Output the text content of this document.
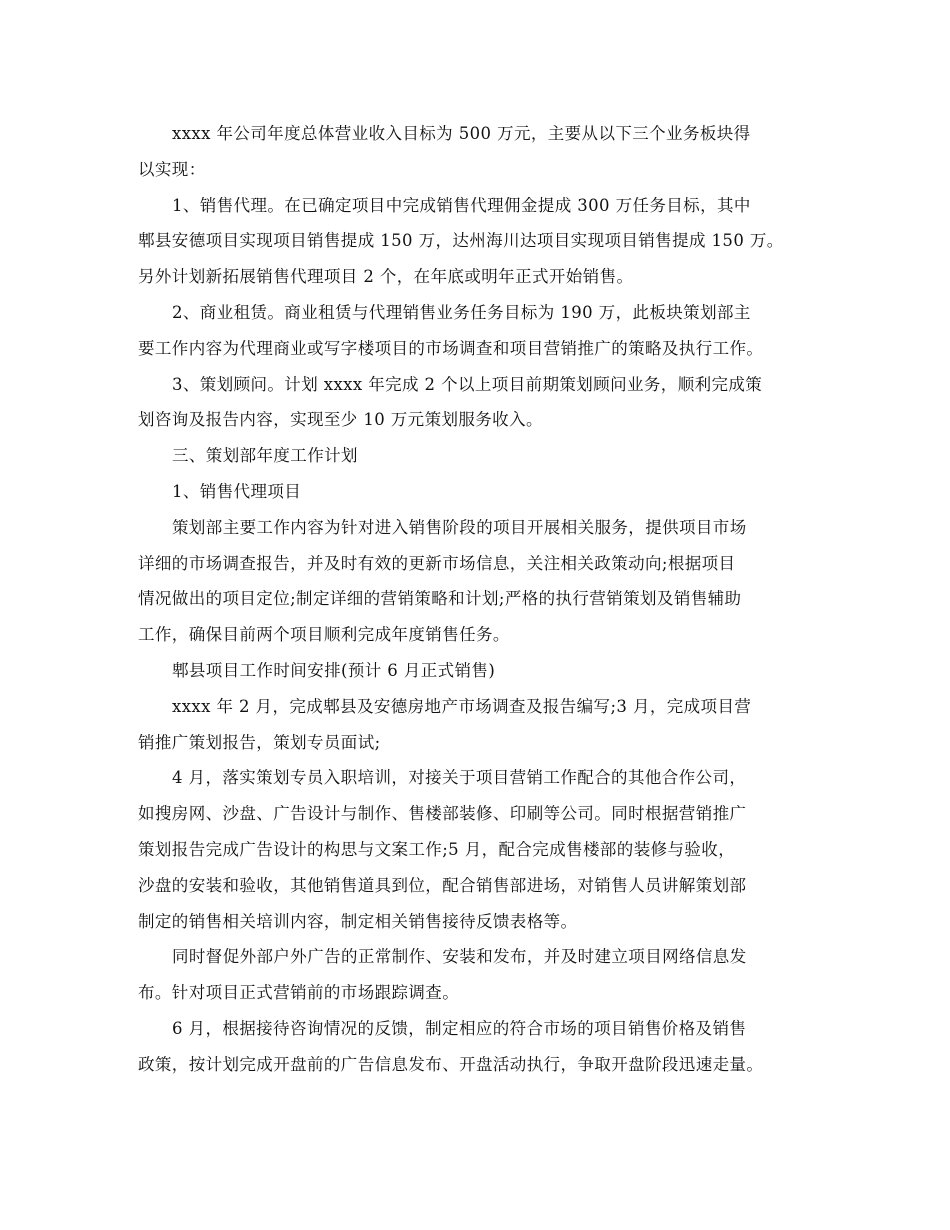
xxxx 年公司年度总体营业收入目标为 500 万元，主要从以下三个业务板块得
以实现：
1、销售代理。在已确定项目中完成销售代理佣金提成 300 万任务目标，其中
郫县安德项目实现项目销售提成 150 万，达州海川达项目实现项目销售提成 150 万。
另外计划新拓展销售代理项目 2 个，在年底或明年正式开始销售。
2、商业租赁。商业租赁与代理销售业务任务目标为 190 万，此板块策划部主
要工作内容为代理商业或写字楼项目的市场调查和项目营销推广的策略及执行工作。
3、策划顾问。计划 xxxx 年完成 2 个以上项目前期策划顾问业务，顺利完成策
划咨询及报告内容，实现至少 10 万元策划服务收入。
三、策划部年度工作计划
1、销售代理项目
策划部主要工作内容为针对进入销售阶段的项目开展相关服务，提供项目市场
详细的市场调查报告，并及时有效的更新市场信息，关注相关政策动向;根据项目
情况做出的项目定位;制定详细的营销策略和计划;严格的执行营销策划及销售辅助
工作，确保目前两个项目顺利完成年度销售任务。
郫县项目工作时间安排(预计 6 月正式销售)
xxxx 年 2 月，完成郫县及安德房地产市场调查及报告编写;3 月，完成项目营
销推广策划报告，策划专员面试;
4 月，落实策划专员入职培训，对接关于项目营销工作配合的其他合作公司，
如搜房网、沙盘、广告设计与制作、售楼部装修、印刷等公司。同时根据营销推广
策划报告完成广告设计的构思与文案工作;5 月，配合完成售楼部的装修与验收，
沙盘的安装和验收，其他销售道具到位，配合销售部进场，对销售人员讲解策划部
制定的销售相关培训内容，制定相关销售接待反馈表格等。
同时督促外部户外广告的正常制作、安装和发布，并及时建立项目网络信息发
布。针对项目正式营销前的市场跟踪调查。
6 月，根据接待咨询情况的反馈，制定相应的符合市场的项目销售价格及销售
政策，按计划完成开盘前的广告信息发布、开盘活动执行，争取开盘阶段迅速走量。
